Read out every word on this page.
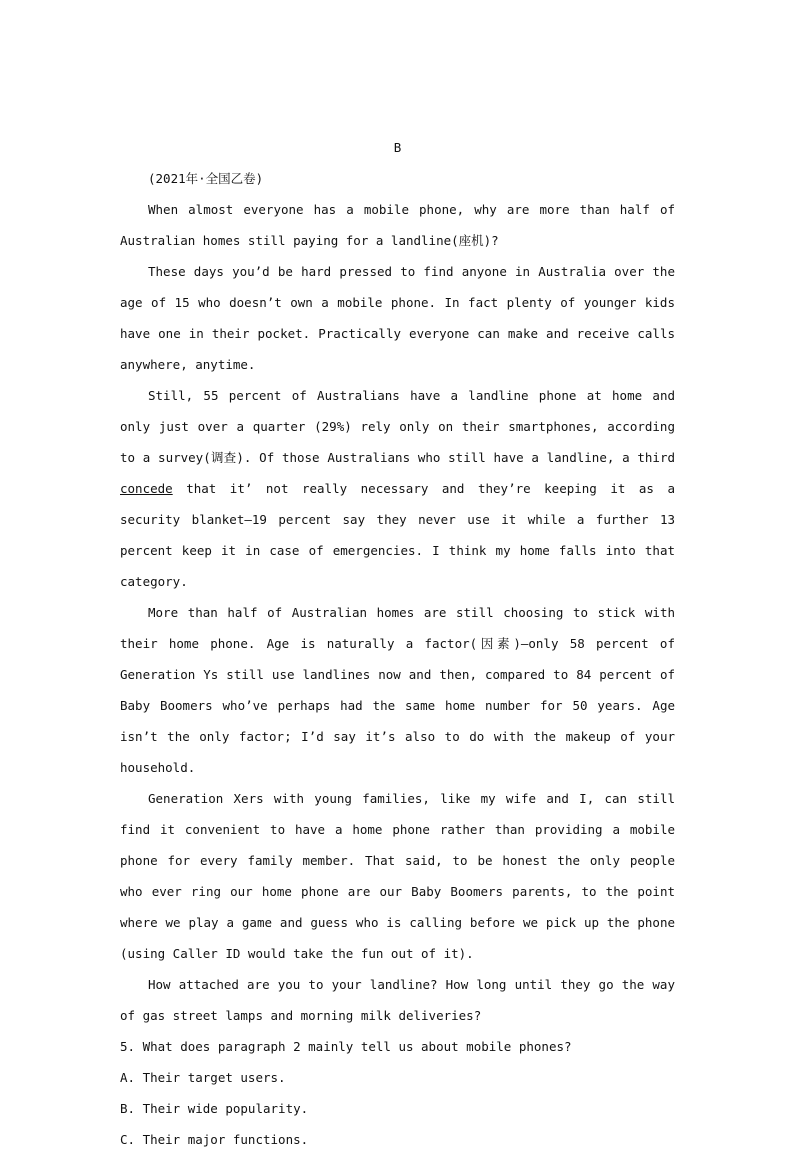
B

(2021年·全国乙卷)

When almost everyone has a mobile phone, why are more than half of Australian homes still paying for a landline(座机)?

These days you’d be hard pressed to find anyone in Australia over the age of 15 who doesn’t own a mobile phone. In fact plenty of younger kids have one in their pocket. Practically everyone can make and receive calls anywhere, anytime.

Still, 55 percent of Australians have a landline phone at home and only just over a quarter (29%) rely only on their smartphones, according to a survey(调查). Of those Australians who still have a landline, a third concede that it’ not really necessary and they’re keeping it as a security blanket—19 percent say they never use it while a further 13 percent keep it in case of emergencies. I think my home falls into that category.

More than half of Australian homes are still choosing to stick with their home phone. Age is naturally a factor(因素)—only 58 percent of Generation Ys still use landlines now and then, compared to 84 percent of Baby Boomers who’ve perhaps had the same home number for 50 years. Age isn’t the only factor; I’d say it’s also to do with the makeup of your household.

Generation Xers with young families, like my wife and I, can still find it convenient to have a home phone rather than providing a mobile phone for every family member. That said, to be honest the only people who ever ring our home phone are our Baby Boomers parents, to the point where we play a game and guess who is calling before we pick up the phone (using Caller ID would take the fun out of it).

How attached are you to your landline? How long until they go the way of gas street lamps and morning milk deliveries?

5. What does paragraph 2 mainly tell us about mobile phones?

A. Their target users.

B. Their wide popularity.

C. Their major functions.
